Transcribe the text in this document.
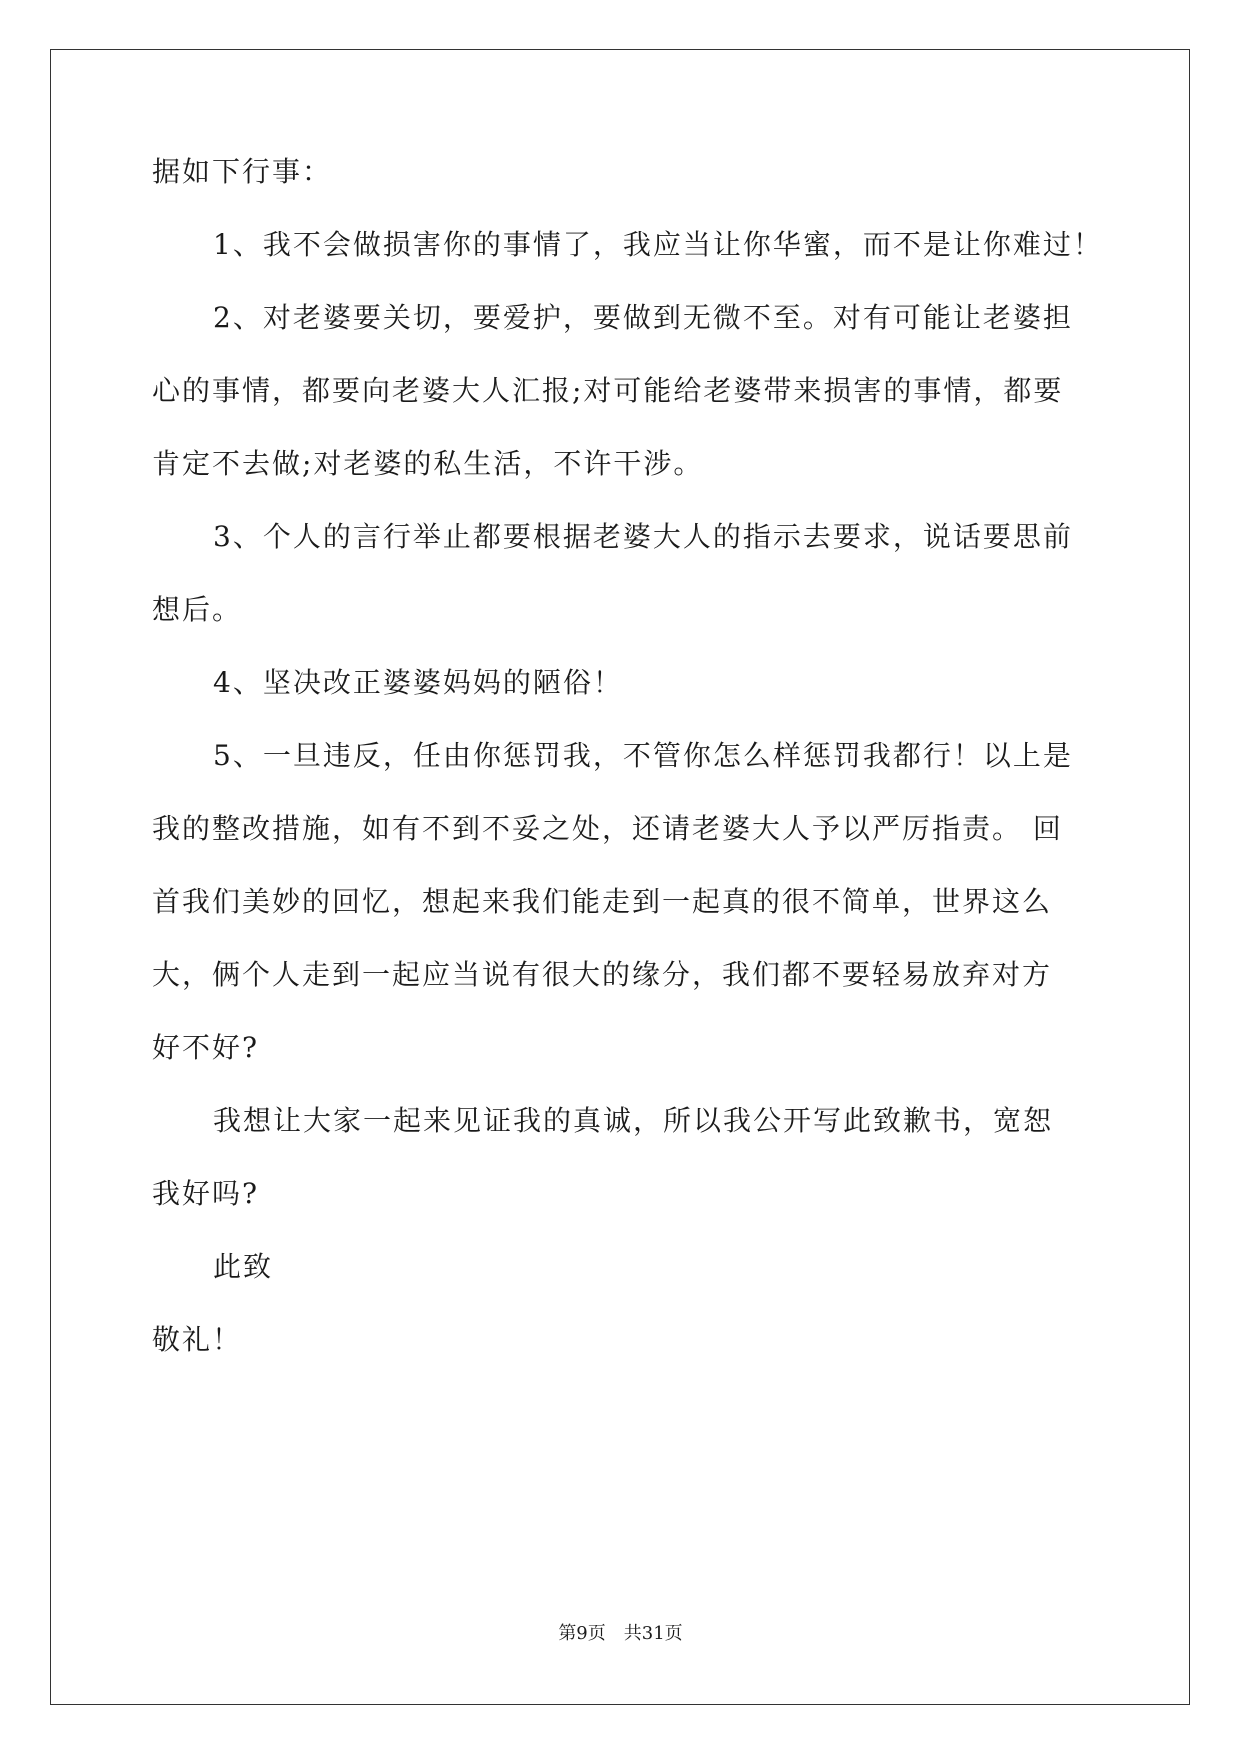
据如下行事：
1、我不会做损害你的事情了，我应当让你华蜜，而不是让你难过！
2、对老婆要关切，要爱护，要做到无微不至。对有可能让老婆担
心的事情，都要向老婆大人汇报;对可能给老婆带来损害的事情，都要
肯定不去做;对老婆的私生活，不许干涉。
3、个人的言行举止都要根据老婆大人的指示去要求，说话要思前
想后。
4、坚决改正婆婆妈妈的陋俗！
5、一旦违反，任由你惩罚我，不管你怎么样惩罚我都行！以上是
我的整改措施，如有不到不妥之处，还请老婆大人予以严厉指责。 回
首我们美妙的回忆，想起来我们能走到一起真的很不简单，世界这么
大，俩个人走到一起应当说有很大的缘分，我们都不要轻易放弃对方
好不好?
我想让大家一起来见证我的真诚，所以我公开写此致歉书，宽恕
我好吗?
此致
敬礼！
第9页 共31页
